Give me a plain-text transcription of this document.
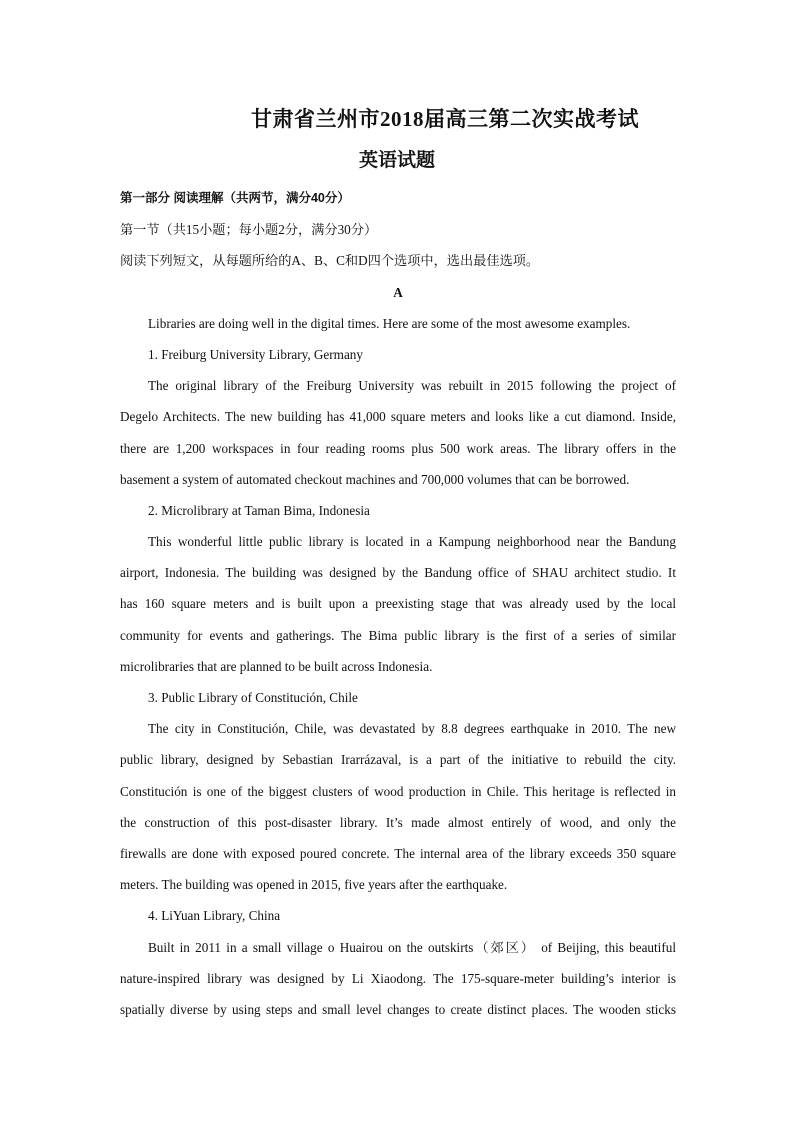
甘肃省兰州市2018届高三第二次实战考试
英语试题
第一部分 阅读理解（共两节，满分40分）
第一节（共15小题；每小题2分，满分30分）
阅读下列短文，从每题所给的A、B、C和D四个选项中，选出最佳选项。
A
Libraries are doing well in the digital times. Here are some of the most awesome examples.
1. Freiburg University Library, Germany
The original library of the Freiburg University was rebuilt in 2015 following the project of
Degelo Architects. The new building has 41,000 square meters and looks like a cut diamond. Inside,
there are 1,200 workspaces in four reading rooms plus 500 work areas. The library offers in the
basement a system of automated checkout machines and 700,000 volumes that can be borrowed.
2. Microlibrary at Taman Bima, Indonesia
This wonderful little public library is located in a Kampung neighborhood near the Bandung
airport, Indonesia. The building was designed by the Bandung office of SHAU architect studio. It
has 160 square meters and is built upon a preexisting stage that was already used by the local
community for events and gatherings. The Bima public library is the first of a series of similar
microlibraries that are planned to be built across Indonesia.
3. Public Library of Constitución, Chile
The city in Constitución, Chile, was devastated by 8.8 degrees earthquake in 2010. The new
public library, designed by Sebastian Irarrázaval, is a part of the initiative to rebuild the city.
Constitución is one of the biggest clusters of wood production in Chile. This heritage is reflected in
the construction of this post-disaster library. It’s made almost entirely of wood, and only the
firewalls are done with exposed poured concrete. The internal area of the library exceeds 350 square
meters. The building was opened in 2015, five years after the earthquake.
4. LiYuan Library, China
Built in 2011 in a small village o Huairou on the outskirts（郊区） of Beijing, this beautiful
nature-inspired library was designed by Li Xiaodong. The 175-square-meter building’s interior is
spatially diverse by using steps and small level changes to create distinct places. The wooden sticks
